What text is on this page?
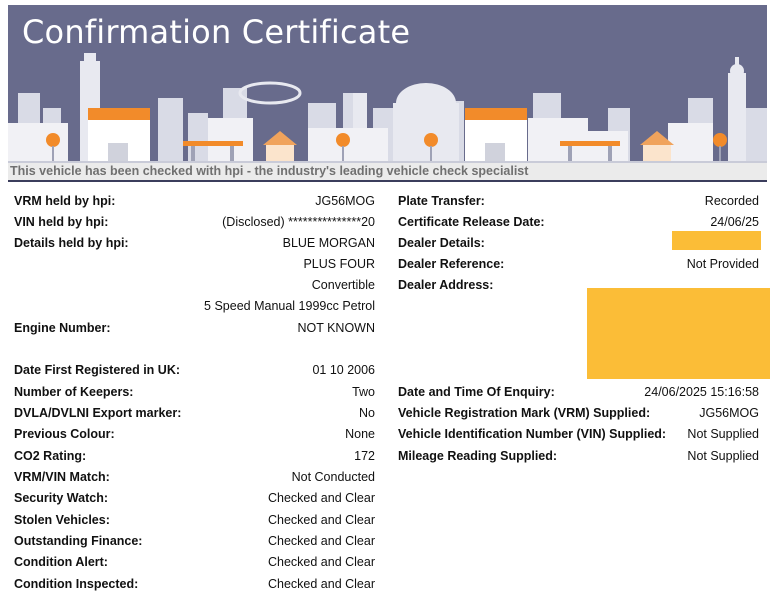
Confirmation Certificate
This vehicle has been checked with hpi - the industry's leading vehicle check specialist
VRM held by hpi:	JG56MOG
VIN held by hpi:	(Disclosed) ***************20
Details held by hpi:	BLUE MORGAN
PLUS FOUR
Convertible
5 Speed Manual 1999cc Petrol
Engine Number:	NOT KNOWN
Date First Registered in UK:	01 10 2006
Number of Keepers:	Two
DVLA/DVLNI Export marker:	No
Previous Colour:	None
CO2 Rating:	172
VRM/VIN Match:	Not Conducted
Security Watch:	Checked and Clear
Stolen Vehicles:	Checked and Clear
Outstanding Finance:	Checked and Clear
Condition Alert:	Checked and Clear
Condition Inspected:	Checked and Clear
Plate Transfer:	Recorded
Certificate Release Date:	24/06/25
Dealer Details:
Dealer Reference:	Not Provided
Dealer Address:
Date and Time Of Enquiry:	24/06/2025 15:16:58
Vehicle Registration Mark (VRM) Supplied:	JG56MOG
Vehicle Identification Number (VIN) Supplied: Not Supplied
Mileage Reading Supplied:	Not Supplied
